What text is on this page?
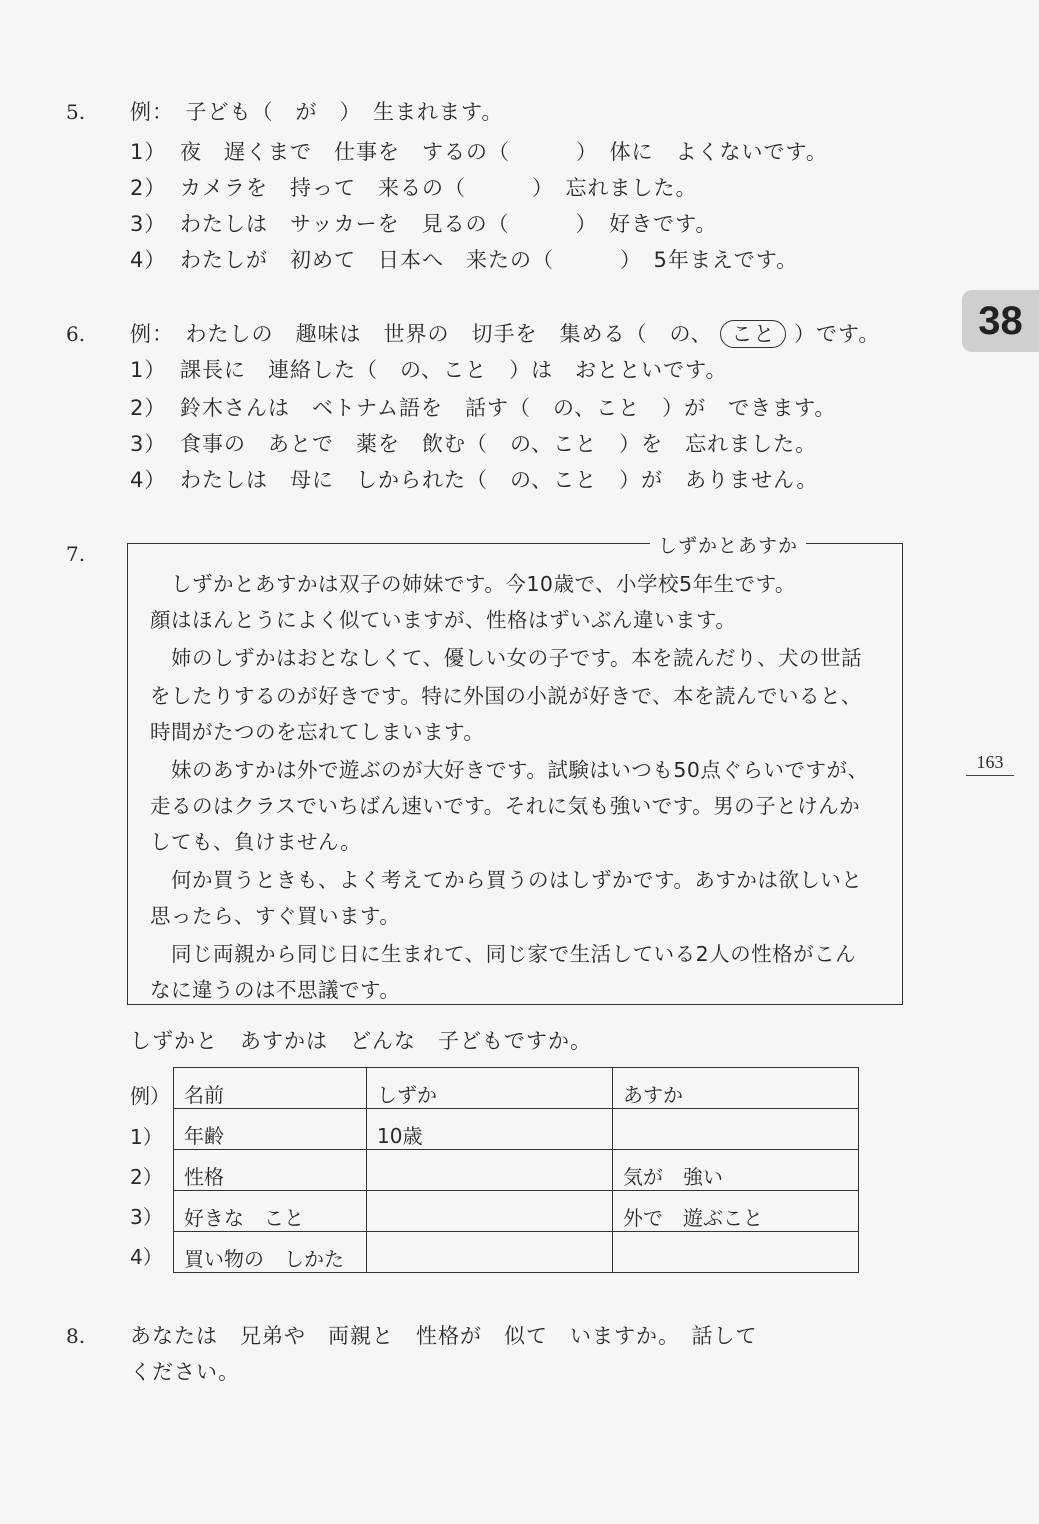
38
163
5. 例：　子ども（　が　）　生まれます。
1） 夜　遅くまで　仕事を　するの（　　　）　体に　よくないです。
2） カメラを　持って　来るの（　　　）　忘れました。
3） わたしは　サッカーを　見るの（　　　）　好きです。
4） わたしが　初めて　日本へ　来たの（　　　）　5年まえです。
6. 例：　わたしの　趣味は　世界の　切手を　集める（　の、 こと ）です。
1） 課長に　連絡した（　の、こと　）は　おとといです。
2） 鈴木さんは　ベトナム語を　話す（　の、こと　）が　できます。
3） 食事の　あとで　薬を　飲む（　の、こと　）を　忘れました。
4） わたしは　母に　しかられた（　の、こと　）が　ありません。
7.	しずかとあすか
　しずかとあすかは双子の姉妹です。今10歳で、小学校5年生です。
顔はほんとうによく似ていますが、性格はずいぶん違います。
　姉のしずかはおとなしくて、優しい女の子です。本を読んだり、犬の世話
をしたりするのが好きです。特に外国の小説が好きで、本を読んでいると、
時間がたつのを忘れてしまいます。
　妹のあすかは外で遊ぶのが大好きです。試験はいつも50点ぐらいですが、
走るのはクラスでいちばん速いです。それに気も強いです。男の子とけんか
しても、負けません。
　何か買うときも、よく考えてから買うのはしずかです。あすかは欲しいと
思ったら、すぐ買います。
　同じ両親から同じ日に生まれて、同じ家で生活している2人の性格がこん
なに違うのは不思議です。
しずかと　あすかは　どんな　子どもですか。
例）
1）
2）
3）
4）
名前	しずか	あすか
年齢	10歳	
性格		気が　強い
好きな　こと		外で　遊ぶこと
買い物の　しかた		
8. あなたは　兄弟や　両親と　性格が　似て　いますか。　話して
ください。
